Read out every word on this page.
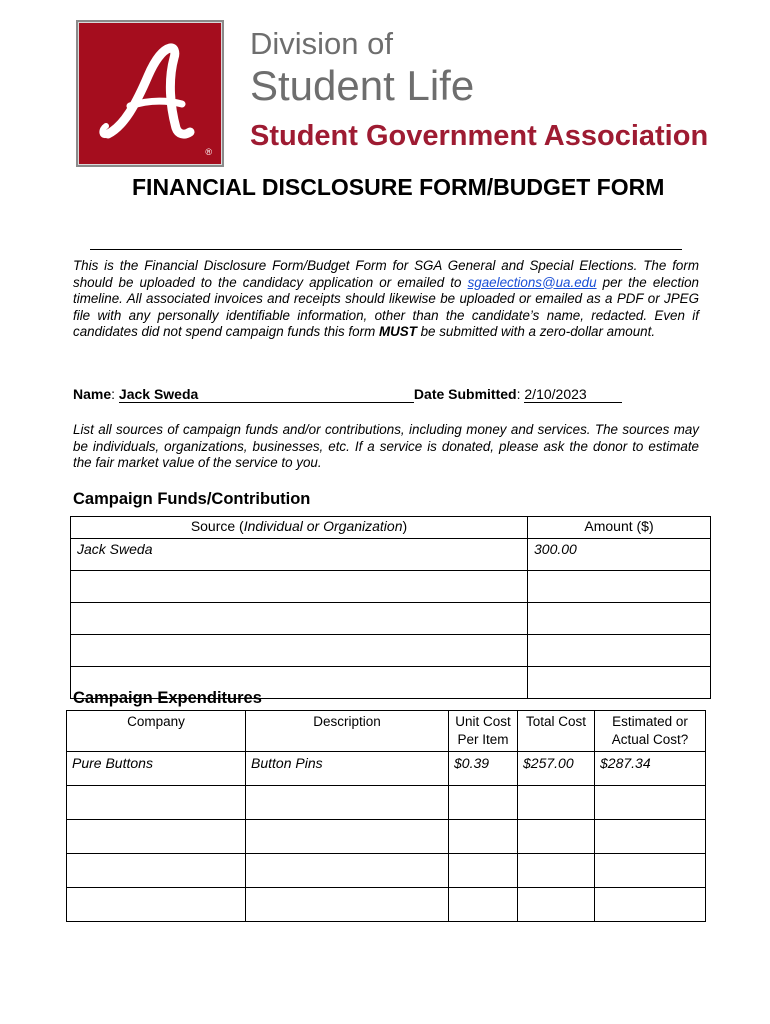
®
Division of
Student Life
Student Government Association
FINANCIAL DISCLOSURE FORM/BUDGET FORM
This is the Financial Disclosure Form/Budget Form for SGA General and Special Elections. The form should be uploaded to the candidacy application or emailed to sgaelections@ua.edu per the election timeline. All associated invoices and receipts should likewise be uploaded or emailed as a PDF or JPEG file with any personally identifiable information, other than the candidate’s name, redacted. Even if candidates did not spend campaign funds this form MUST be submitted with a zero-dollar amount.
Name: Jack Sweda	Date Submitted: 2/10/2023
List all sources of campaign funds and/or contributions, including money and services. The sources may be individuals, organizations, businesses, etc. If a service is donated, please ask the donor to estimate the fair market value of the service to you.
Campaign Funds/Contribution
Source (Individual or Organization)	Amount ($)
Jack Sweda	300.00

Campaign Expenditures
Company	Description	Unit Cost Per Item	Total Cost	Estimated or Actual Cost?
Pure Buttons	Button Pins	$0.39	$257.00	$287.34
